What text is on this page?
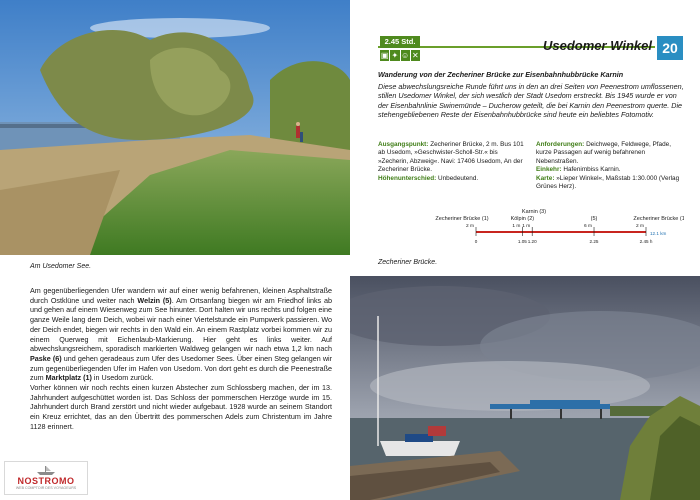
Am Usedomer See.
2.45 Std.
▣ ✦ ☺ ✕
Usedomer Winkel 20
Wanderung von der Zecheriner Brücke zur Eisenbahnhubbrücke Karnin
Diese abwechslungsreiche Runde führt uns in den an drei Seiten von Peenestrom umflossenen, stillen Usedomer Winkel, der sich westlich der Stadt Usedom erstreckt. Bis 1945 wurde er von der Eisenbahnlinie Swinemünde – Ducherow geteilt, die bei Karnin den Peenestrom querte. Die stehengebliebenen Reste der Eisenbahnhubbrücke sind heute ein beliebtes Fotomotiv.
Ausgangspunkt: Zecheriner Brücke, 2 m. Bus 101 ab Usedom, »Geschwister-Scholl-Str.« bis »Zecherin, Abzweig«. Navi: 17406 Usedom, An der Zecheriner Brücke.
Höhenunterschied: Unbedeutend.
Anforderungen: Deichwege, Feldwege, Pfade, kurze Passagen auf wenig befahrenen Nebenstraßen.
Einkehr: Hafenimbiss Karnin.
Karte: »Lieper Winkel«, Maßstab 1:30.000 (Verlag Grünes Herz).
Karnin (3)
Zecheriner Brücke (1)
2 m
0
Kölpin (2)
1 m
1.05
1 m
1.20
(5)
6 m
2.25
Zecheriner Brücke (1)
2 m
2.45 h
12.1 km
Zecheriner Brücke.
Am gegenüberliegenden Ufer wandern wir auf einer wenig befahrenen, kleinen Asphaltstraße durch Ostklüne und weiter nach Welzin (5). Am Ortsanfang biegen wir am Friedhof links ab und gehen auf einem Wiesenweg zum See hinunter. Dort halten wir uns rechts und folgen eine ganze Weile lang dem Deich, wobei wir nach einer Viertelstunde ein Pumpwerk passieren. Wo der Deich endet, biegen wir rechts in den Wald ein. An einem Rastplatz vorbei kommen wir zu einem Querweg mit Eichenlaub-Markierung. Hier geht es links weiter. Auf abwechslungsreichem, sporadisch markierten Waldweg gelangen wir nach etwa 1,2 km nach Paske (6) und gehen geradeaus zum Ufer des Usedomer Sees. Über einen Steg gelangen wir zum gegenüberliegenden Ufer im Hafen von Usedom. Von dort geht es durch die Peenestraße zum Marktplatz (1) in Usedom zurück.
Vorher können wir noch rechts einen kurzen Abstecher zum Schlossberg machen, der im 13. Jahrhundert aufgeschüttet worden ist. Das Schloss der pommerschen Herzöge wurde im 15. Jahrhundert durch Brand zerstört und nicht wieder aufgebaut. 1928 wurde an seinem Standort ein Kreuz errichtet, das an den Übertritt des pommerschen Adels zum Christentum im Jahre 1128 erinnert.
NOSTROMO
WEB COMPTOIR DES VOYAGEURS
